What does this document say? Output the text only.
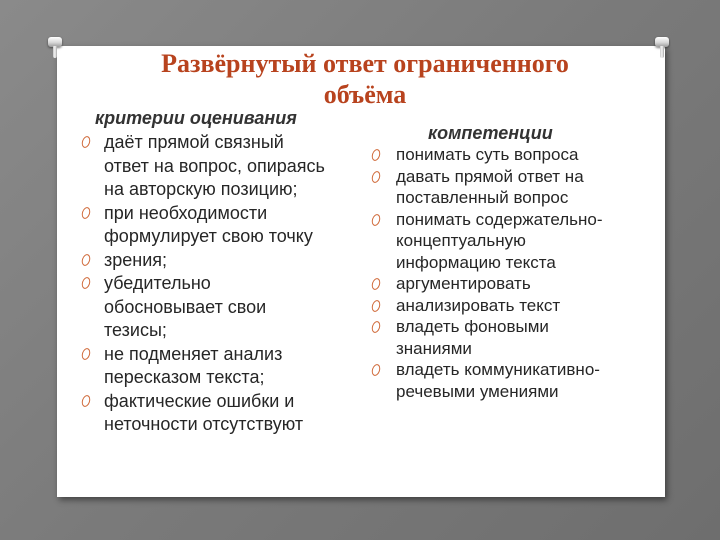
Развёрнутый ответ ограниченного
объёма
критерии оценивания
даёт прямой связный
ответ на вопрос, опираясь
на авторскую позицию;
при необходимости
формулирует свою точку
зрения;
убедительно
обосновывает свои
тезисы;
не подменяет анализ
пересказом текста;
фактические ошибки и
неточности отсутствуют
компетенции
понимать суть вопроса
давать прямой ответ на
поставленный вопрос
понимать содержательно-
концептуальную
информацию текста
аргументировать
анализировать текст
владеть фоновыми
знаниями
владеть коммуникативно-
речевыми умениями
